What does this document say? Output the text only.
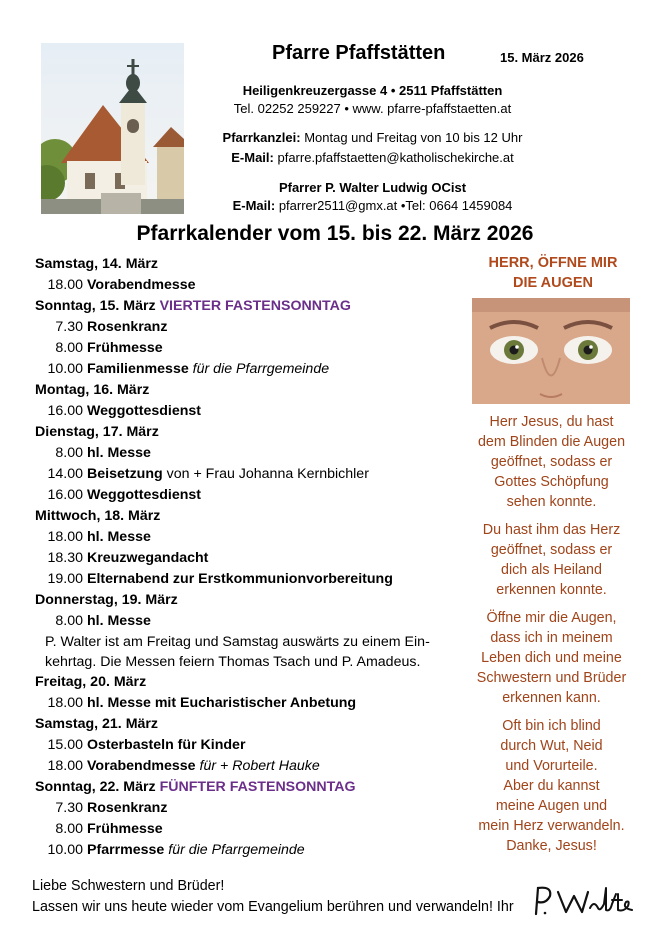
Pfarre Pfaffstätten	15. März 2026
Heiligenkreuzergasse 4 • 2511 Pfaffstätten
Tel. 02252 259227 • www. pfarre-pfaffstaetten.at
Pfarrkanzlei: Montag und Freitag von 10 bis 12 Uhr
E-Mail: pfarre.pfaffstaetten@katholischekirche.at
Pfarrer P. Walter Ludwig OCist
E-Mail: pfarrer2511@gmx.at •Tel: 0664 1459084
Pfarrkalender vom 15. bis 22. März 2026
Samstag, 14. März
18.00 Vorabendmesse
Sonntag, 15. März VIERTER FASTENSONNTAG
7.30 Rosenkranz
8.00 Frühmesse
10.00 Familienmesse für die Pfarrgemeinde
Montag, 16. März
16.00 Weggottesdienst
Dienstag, 17. März
8.00 hl. Messe
14.00 Beisetzung von + Frau Johanna Kernbichler
16.00 Weggottesdienst
Mittwoch, 18. März
18.00 hl. Messe
18.30 Kreuzwegandacht
19.00 Elternabend zur Erstkommunionvorbereitung
Donnerstag, 19. März
8.00 hl. Messe

P. Walter ist am Freitag und Samstag auswärts zu einem Ein-

kehrtag. Die Messen feiern Thomas Tsach und P. Amadeus.

Freitag, 20. März
18.00 hl. Messe mit Eucharistischer Anbetung
Samstag, 21. März
15.00 Osterbasteln für Kinder
18.00 Vorabendmesse für + Robert Hauke
Sonntag, 22. März FÜNFTER FASTENSONNTAG
7.30 Rosenkranz
8.00 Frühmesse
10.00 Pfarrmesse für die Pfarrgemeinde
HERR, ÖFFNE MIR
DIE AUGEN

Herr Jesus, du hast
dem Blinden die Augen
geöffnet, sodass er
Gottes Schöpfung
sehen konnte.

Du hast ihm das Herz
geöffnet, sodass er
dich als Heiland
erkennen konnte.

Öffne mir die Augen,
dass ich in meinem
Leben dich und meine
Schwestern und Brüder
erkennen kann.

Oft bin ich blind
durch Wut, Neid
und Vorurteile.
Aber du kannst
meine Augen und
mein Herz verwandeln.
Danke, Jesus!

Liebe Schwestern und Brüder!
Lassen wir uns heute wieder vom Evangelium berühren und verwandeln! Ihr
